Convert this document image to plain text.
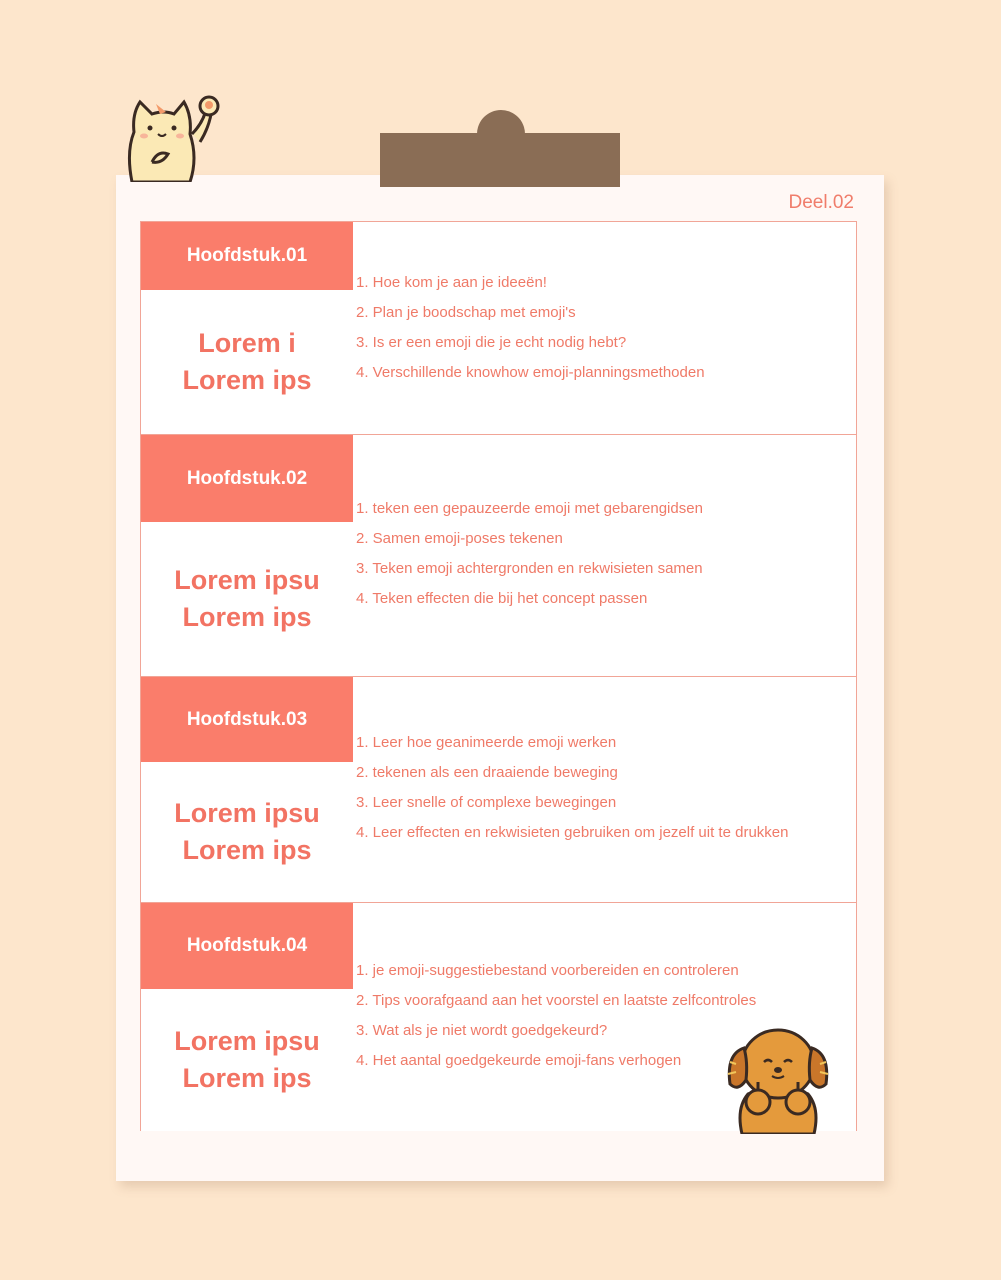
Deel.02
Hoofdstuk.01
Lorem i
Lorem ips
1. Hoe kom je aan je ideeën!
2. Plan je boodschap met emoji's
3. Is er een emoji die je echt nodig hebt?
4. Verschillende knowhow emoji-planningsmethoden
Hoofdstuk.02
Lorem ipsu
Lorem ips
1. teken een gepauzeerde emoji met gebarengidsen
2. Samen emoji-poses tekenen
3. Teken emoji achtergronden en rekwisieten samen
4. Teken effecten die bij het concept passen
Hoofdstuk.03
Lorem ipsu
Lorem ips
1. Leer hoe geanimeerde emoji werken
2. tekenen als een draaiende beweging
3. Leer snelle of complexe bewegingen
4. Leer effecten en rekwisieten gebruiken om jezelf uit te drukken
Hoofdstuk.04
Lorem ipsu
Lorem ips
1. je emoji-suggestiebestand voorbereiden en controleren
2. Tips voorafgaand aan het voorstel en laatste zelfcontroles
3. Wat als je niet wordt goedgekeurd?
4. Het aantal goedgekeurde emoji-fans verhogen
